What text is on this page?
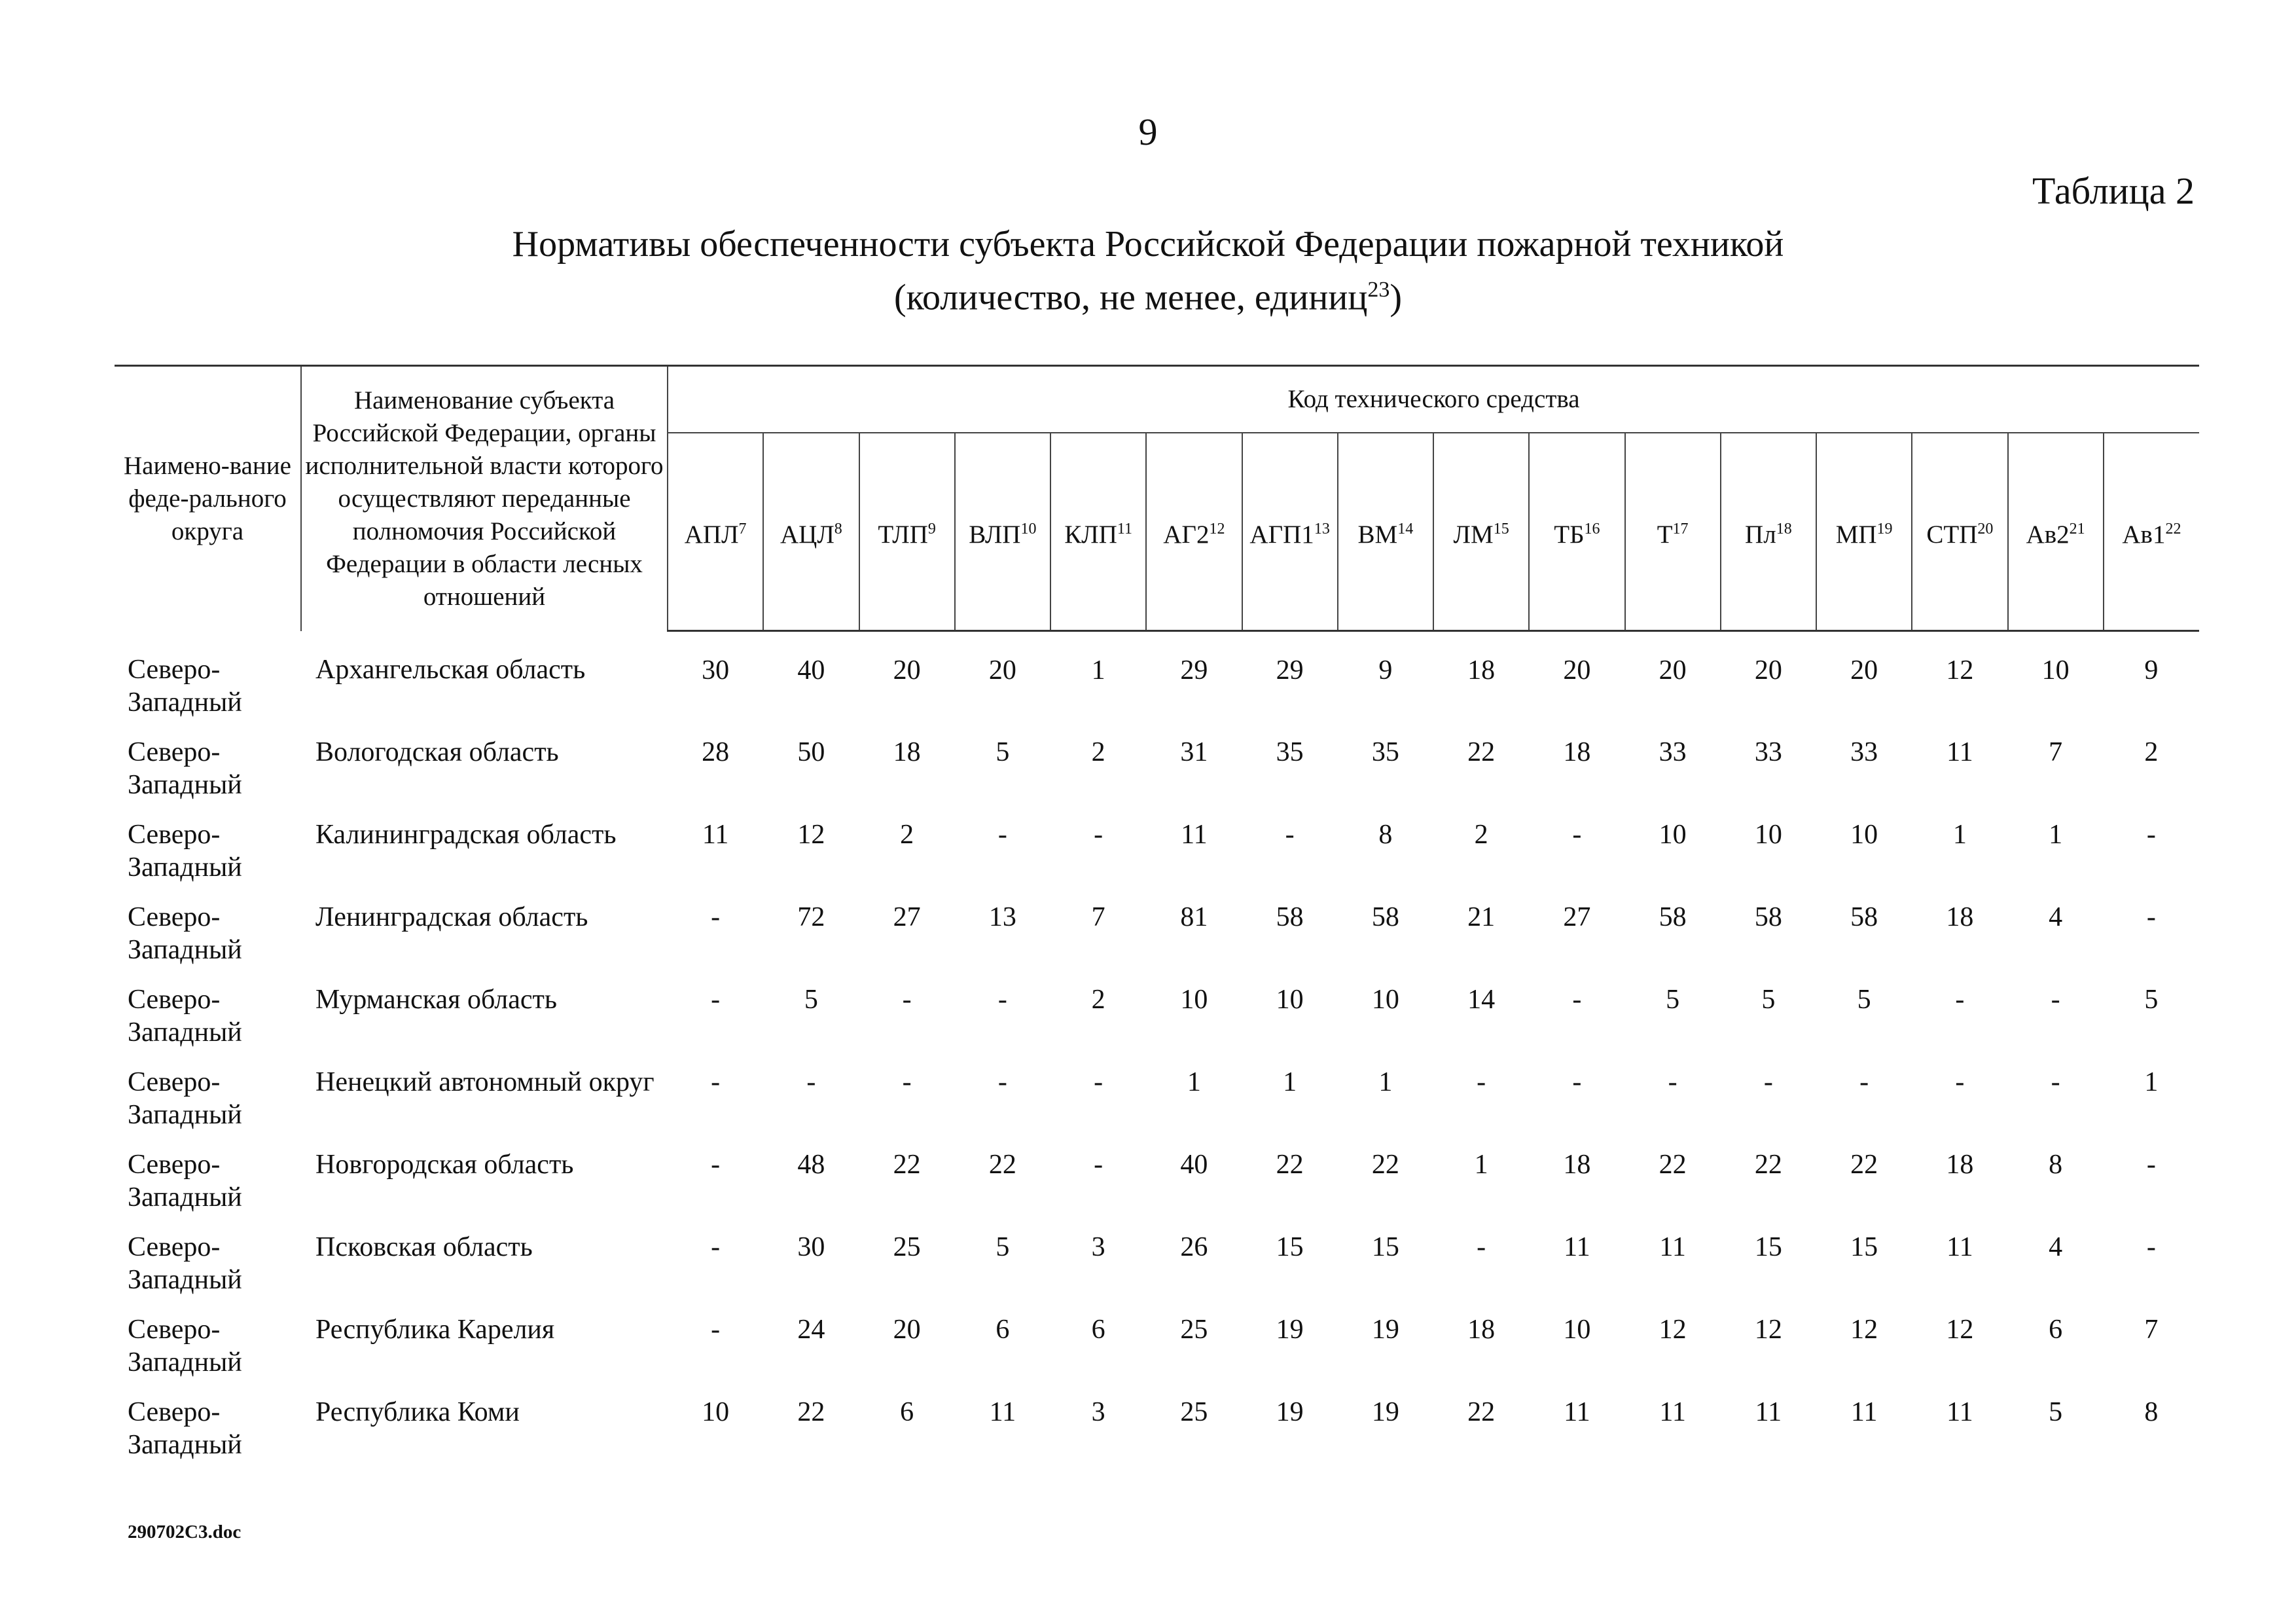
9
Таблица 2
Нормативы обеспеченности субъекта Российской Федерации пожарной техникой
(количество, не менее, единиц$^{23}$)
Наимено-вание феде-рального округа	Наименование субъекта Российской Федерации, органы исполнительной власти которого осуществляют переданные полномочия Российской Федерации в области лесных отношений	Код технического средства															
		АПЛ$^7$	АЦЛ$^8$	ТЛП$^9$	ВЛП$^{10}$	КЛП$^{11}$	$АГ2^{12}$	$АГП1^{13}$	ВМ$^{14}$	ЛМ$^{15}$	ТБ$^{16}$	$Т^{17}$	$Пл^{18}$	МП$^{19}$	СТП$^{20}$	$Ав2^{21}$	$Ав1^{22}$
Северо-Западный	Архангельская область	30	40	20	20	1	29	29	9	18	20	20	20	20	12	10	9
Северо-Западный	Вологодская область	28	50	18	5	2	31	35	35	22	18	33	33	33	11	7	2
Северо-Западный	Калининградская область	11	12	2	-	-	11	-	8	2	-	10	10	10	1	1	-
Северо-Западный	Ленинградская область	-	72	27	13	7	81	58	58	21	27	58	58	58	18	4	-
Северо-Западный	Мурманская область	-	5	-	-	2	10	10	10	14	-	5	5	5	-	-	5
Северо-Западный	Ненецкий автономный округ	-	-	-	-	-	1	1	1	-	-	-	-	-	-	-	1
Северо-Западный	Новгородская область	-	48	22	22	-	40	22	22	1	18	22	22	22	18	8	-
Северо-Западный	Псковская область	-	30	25	5	3	26	15	15	-	11	11	15	15	11	4	-
Северо-Западный	Республика Карелия	-	24	20	6	6	25	19	19	18	10	12	12	12	12	6	7
Северо-Западный	Республика Коми	10	22	6	11	3	25	19	19	22	11	11	11	11	11	5	8
290702C3.doc
